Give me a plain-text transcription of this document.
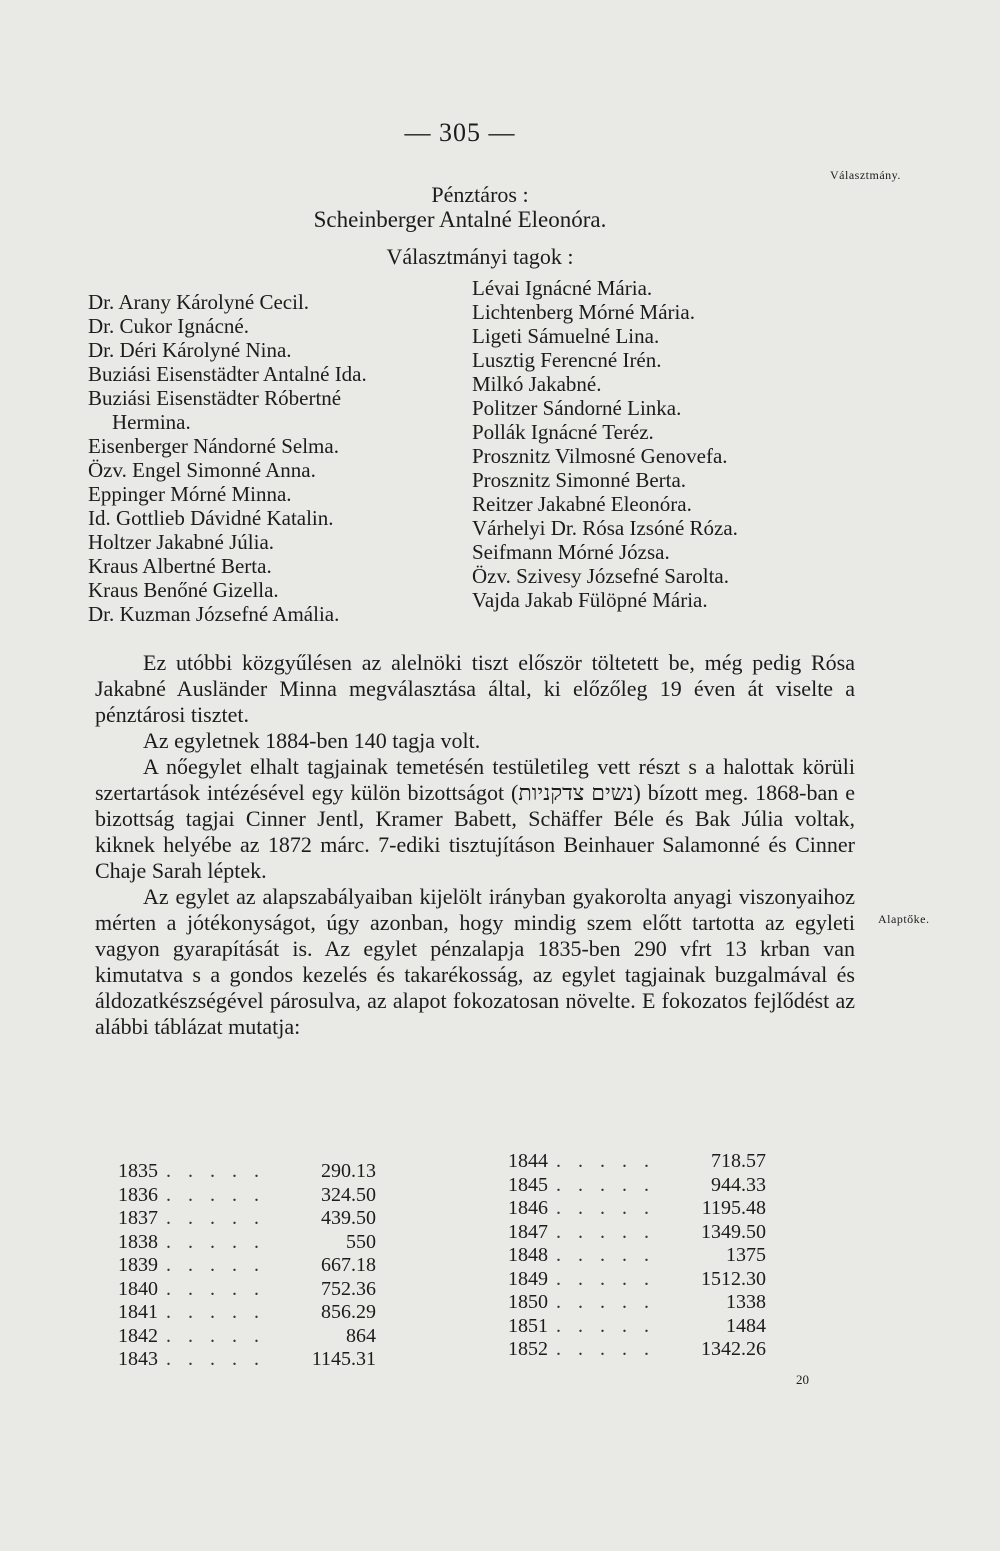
— 305 —
Választmány.
Alaptőke.
Pénztáros :
Scheinberger Antalné Eleonóra.
Választmányi tagok :
Dr. Arany Károlyné Cecil.
Dr. Cukor Ignácné.
Dr. Déri Károlyné Nina.
Buziási Eisenstädter Antalné Ida.
Buziási Eisenstädter Róbertné
Hermina.
Eisenberger Nándorné Selma.
Özv. Engel Simonné Anna.
Eppinger Mórné Minna.
Id. Gottlieb Dávidné Katalin.
Holtzer Jakabné Júlia.
Kraus Albertné Berta.
Kraus Benőné Gizella.
Dr. Kuzman Józsefné Amália.
Lévai Ignácné Mária.
Lichtenberg Mórné Mária.
Ligeti Sámuelné Lina.
Lusztig Ferencné Irén.
Milkó Jakabné.
Politzer Sándorné Linka.
Pollák Ignácné Teréz.
Prosznitz Vilmosné Genovefa.
Prosznitz Simonné Berta.
Reitzer Jakabné Eleonóra.
Várhelyi Dr. Rósa Izsóné Róza.
Seifmann Mórné Józsa.
Özv. Szivesy Józsefné Sarolta.
Vajda Jakab Fülöpné Mária.

Ez utóbbi közgyűlésen az alelnöki tiszt először töltetett be, még pedig Rósa Jakabné Ausländer Minna megválasztása által, ki előzőleg 19 éven át viselte a pénztárosi tisztet.

Az egyletnek 1884-ben 140 tagja volt.

A nőegylet elhalt tagjainak temetésén testületileg vett részt s a halottak körüli szertartások intézésével egy külön bizottságot (נשים צדקניות) bízott meg. 1868-ban e bizottság tagjai Cinner Jentl, Kramer Babett, Schäffer Béle és Bak Júlia voltak, kiknek helyébe az 1872 márc. 7-ediki tisztujításon Beinhauer Salamonné és Cinner Chaje Sarah léptek.

Az egylet az alapszabályaiban kijelölt irányban gyakorolta anyagi viszonyaihoz mérten a jótékonyságot, úgy azonban, hogy mindig szem előtt tartotta az egyleti vagyon gyarapítását is. Az egylet pénzalapja 1835-ben 290 vfrt 13 krban van kimutatva s a gondos kezelés és takarékosság, az egylet tagjainak buzgalmával és áldozatkészségével párosulva, az alapot fokozatosan növelte. E fokozatos fejlődést az alábbi táblázat mutatja:

1835 . . . . .	290.13
1836 . . . . .	324.50
1837 . . . . .	439.50
1838 . . . . .	550
1839 . . . . .	667.18
1840 . . . . .	752.36
1841 . . . . .	856.29
1842 . . . . .	864
1843 . . . . .	1145.31
1844 . . . . .	718.57
1845 . . . . .	944.33
1846 . . . . .	1195.48
1847 . . . . .	1349.50
1848 . . . . .	1375
1849 . . . . .	1512.30
1850 . . . . .	1338
1851 . . . . .	1484
1852 . . . . .	1342.26
20
